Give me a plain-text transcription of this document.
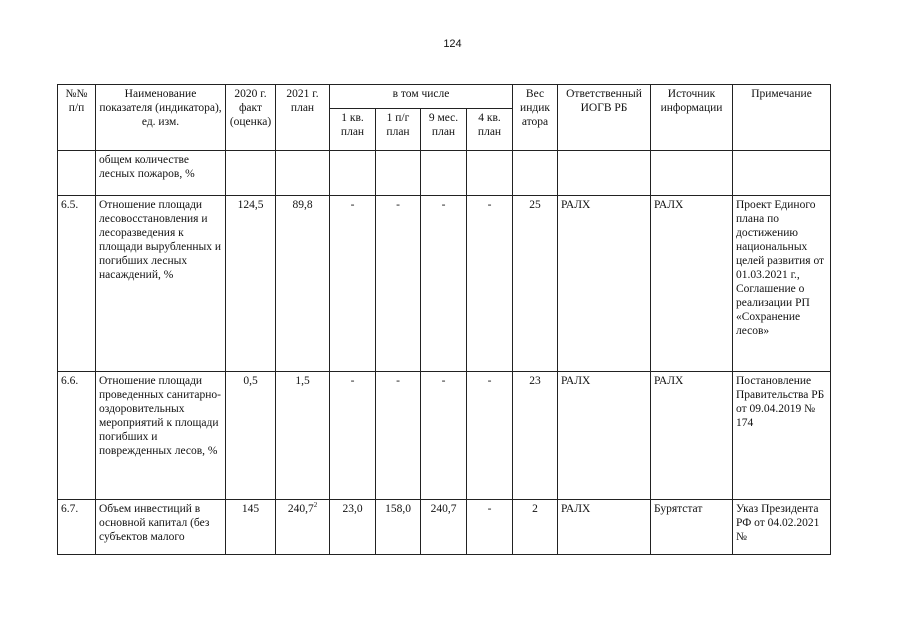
124
№№ п/п	Наименование показателя (индикатора), ед. изм.	2020 г. факт (оценка)	2021 г. план	в том числе				Вес индик атора	Ответственный ИОГВ РБ	Источник информации	Примечание
				1 кв. план	1 п/г план	9 мес. план	4 кв. план				
	общем количестве лесных пожаров, %										
6.5.	Отношение площади лесовосстановления и лесоразведения к площади вырубленных и погибших лесных насаждений, %	124,5	89,8	-	-	-	-	25	РАЛХ	РАЛХ	Проект Единого плана по достижению национальных целей развития от 01.03.2021 г., Соглашение о реализации РП «Сохранение лесов»
6.6.	Отношение площади проведенных санитарно-оздоровительных мероприятий к площади погибших и поврежденных лесов, %	0,5	1,5	-	-	-	-	23	РАЛХ	РАЛХ	Постановление Правительства РБ от 09.04.2019 № 174
6.7.	Объем инвестиций в основной капитал (без субъектов малого	145	240,7$^2$	23,0	158,0	240,7	-	2	РАЛХ	Бурятстат	Указ Президента РФ от 04.02.2021 №
